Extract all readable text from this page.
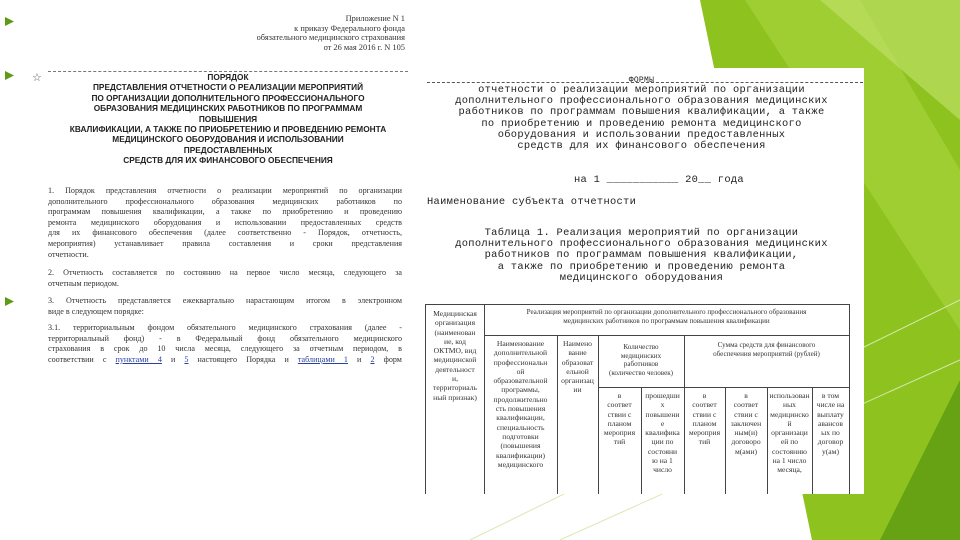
☆
Приложение N 1
к приказу Федерального фонда
обязательного медицинского страхования
от 26 мая 2016 г. N 105
ПОРЯДОК
ПРЕДСТАВЛЕНИЯ ОТЧЕТНОСТИ О РЕАЛИЗАЦИИ МЕРОПРИЯТИЙ
ПО ОРГАНИЗАЦИИ ДОПОЛНИТЕЛЬНОГО ПРОФЕССИОНАЛЬНОГО
ОБРАЗОВАНИЯ МЕДИЦИНСКИХ РАБОТНИКОВ ПО ПРОГРАММАМ
ПОВЫШЕНИЯ
КВАЛИФИКАЦИИ, А ТАКЖЕ ПО ПРИОБРЕТЕНИЮ И ПРОВЕДЕНИЮ РЕМОНТА
МЕДИЦИНСКОГО ОБОРУДОВАНИЯ И ИСПОЛЬЗОВАНИИ
ПРЕДОСТАВЛЕННЫХ
СРЕДСТВ ДЛЯ ИХ ФИНАНСОВОГО ОБЕСПЕЧЕНИЯ
1. Порядок представления отчетности о реализации мероприятий по организации
дополнительного профессионального образования медицинских работников по
программам повышения квалификации, а также по приобретению и проведению
ремонта медицинского оборудования и использовании предоставленных средств
для их финансового обеспечения (далее соответственно - Порядок, отчетность,
мероприятия) устанавливает правила составления и сроки представления
отчетности.
2. Отчетность составляется по состоянию на первое число месяца, следующего за
отчетным периодом.
3. Отчетность представляется ежеквартально нарастающим итогом в электронном
виде в следующем порядке:
3.1. территориальным фондом обязательного медицинского страхования (далее -
территориальный фонд) - в Федеральный фонд обязательного медицинского
страхования в срок до 10 числа месяца, следующего за отчетным периодом, в
соответствии с пунктами 4 и 5 настоящего Порядка и таблицами 1 и 2 форм
ФОРМЫ
отчетности о реализации мероприятий по организации
дополнительного профессионального образования медицинских
работников по программам повышения квалификации, а также
по приобретению и проведению ремонта медицинского
оборудования и использовании предоставленных
средств для их финансового обеспечения
на 1 ___________ 20__ года
Наименование субъекта отчетности
Таблица 1. Реализация мероприятий по организации
дополнительного профессионального образования медицинских
работников по программам повышения квалификации,
а также по приобретению и проведению ремонта
медицинского оборудования
Медицинская
организация
(наименован
ие, код
ОКТМО, вид
медицинской
деятельност
и,
территориаль
ный признак)
Реализация мероприятий по организации дополнительного профессионального образования
медицинских работников по программам повышения квалификации
Наименование
дополнительной
профессиональн
ой
образовательной
программы,
продолжительно
сть повышения
квалификации,
специальность
подготовки
(повышения
квалификации)
медицинского
Наимено
вание
образоват
ельной
организац
ии
Количество
медицинских
работников
(количество человек)
Сумма средств для финансового
обеспечения мероприятий (рублей)
в
соответ
ствии с
планом
мероприя
тий
прошедши
х
повышени
е
квалифика
ции по
состояни
ю на 1
число
в
соответ
ствии с
планом
мероприя
тий
в
соответ
ствии с
заключен
ным(и)
договоро
м(ами)
использован
ных
медицинско
й
организаци
ей по
состоянию
на 1 число
месяца,
в том
числе на
выплату
авансов
ых по
договор
у(ам)
